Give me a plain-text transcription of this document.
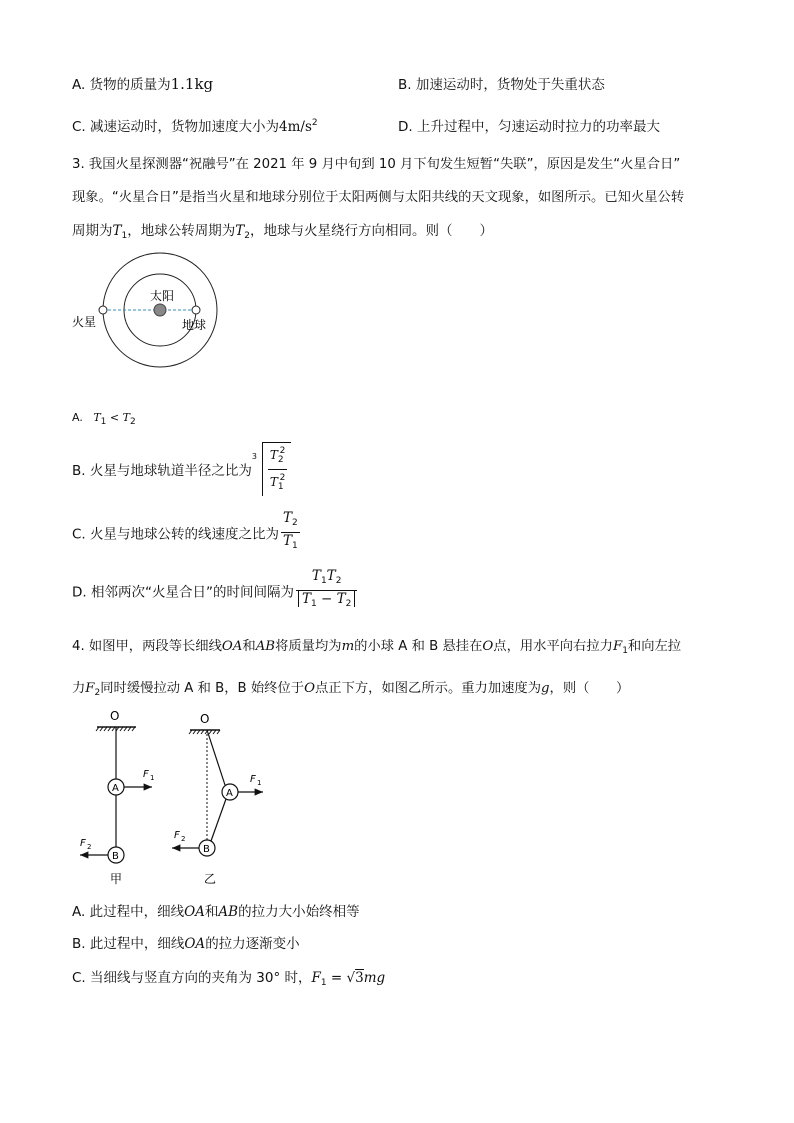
A. 货物的质量为1.1kg	B. 加速运动时，货物处于失重状态
C. 减速运动时，货物加速度大小为$4m/s^2$	D. 上升过程中，匀速运动时拉力的功率最大
3. 我国火星探测器“祝融号”在 2021 年 9 月中旬到 10 月下旬发生短暂“失联”，原因是发生“火星合日”
现象。“火星合日”是指当火星和地球分别位于太阳两侧与太阳共线的天文现象，如图所示。已知火星公转
周期为$T_1$，地球公转周期为$T_2$，地球与火星绕行方向相同。则（　　）
太阳
火星	地球
A. $T_1 < T_2$
B. 火星与地球轨道半径之比为
$3 \frac{T_2^2}{T_1^2}$
C. 火星与地球公转的线速度之比为 $\frac{T_2}{T_1}$
D. 相邻两次“火星合日”的时间间隔为 $\frac{T_1T_2}{T_1 - T_2}$
4. 如图甲，两段等长细线OA和AB将质量均为m的小球 A 和 B 悬挂在O点，用水平向右拉力$F_1$和向左拉
力$F_2$同时缓慢拉动 A 和 B，B 始终位于O点正下方，如图乙所示。重力加速度为g，则（　　）
O
A
F 1
B
F 2
甲
O
A
F 1
B
F 2
乙
A. 此过程中，细线OA和AB的拉力大小始终相等
B. 此过程中，细线OA的拉力逐渐变小
C. 当细线与竖直方向的夹角为 30° 时，$F_1 = √3mg$
